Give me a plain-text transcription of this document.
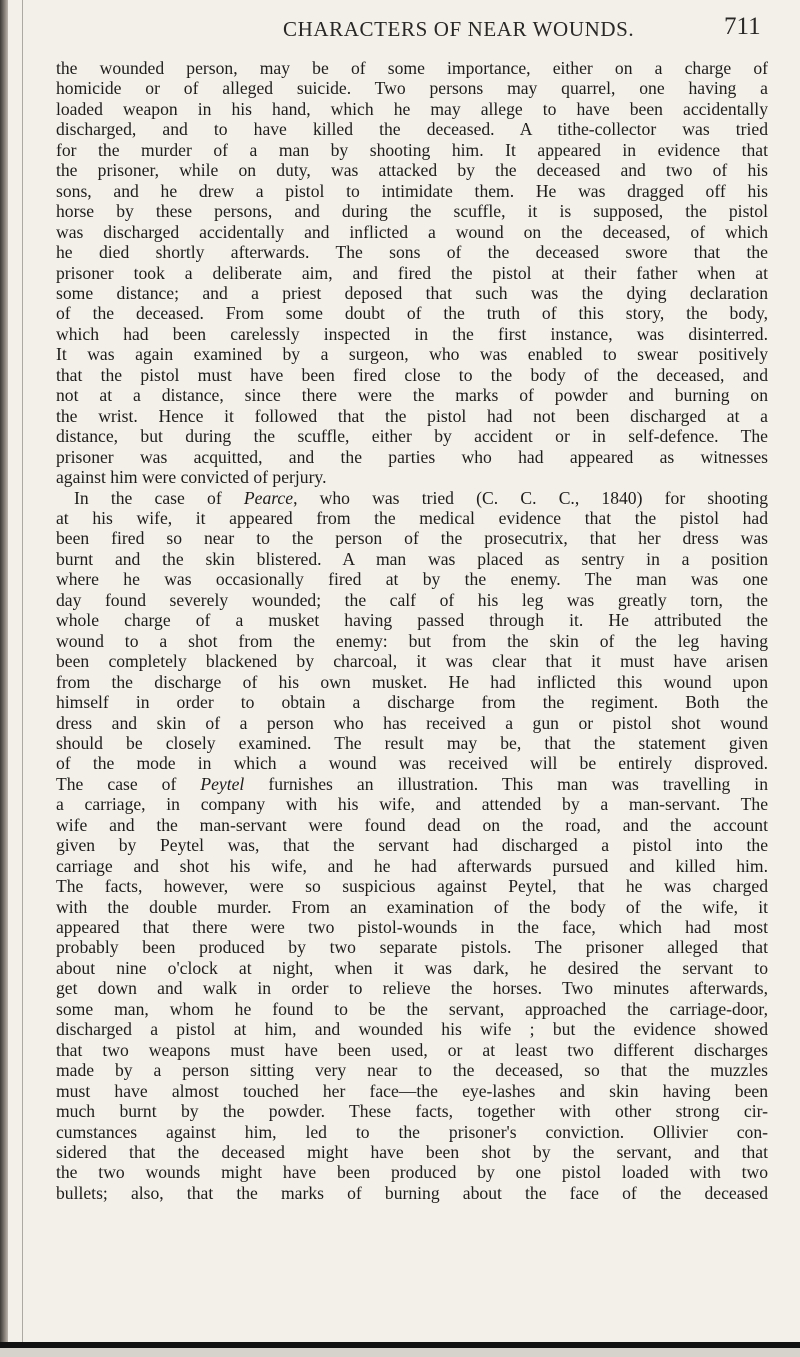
CHARACTERS OF NEAR WOUNDS.	711
the wounded person, may be of some importance, either on a charge of
homicide or of alleged suicide. Two persons may quarrel, one having a
loaded weapon in his hand, which he may allege to have been accidentally
discharged, and to have killed the deceased. A tithe-collector was tried
for the murder of a man by shooting him. It appeared in evidence that
the prisoner, while on duty, was attacked by the deceased and two of his
sons, and he drew a pistol to intimidate them. He was dragged off his
horse by these persons, and during the scuffle, it is supposed, the pistol
was discharged accidentally and inflicted a wound on the deceased, of which
he died shortly afterwards. The sons of the deceased swore that the
prisoner took a deliberate aim, and fired the pistol at their father when at
some distance; and a priest deposed that such was the dying declaration
of the deceased. From some doubt of the truth of this story, the body,
which had been carelessly inspected in the first instance, was disinterred.
It was again examined by a surgeon, who was enabled to swear positively
that the pistol must have been fired close to the body of the deceased, and
not at a distance, since there were the marks of powder and burning on
the wrist. Hence it followed that the pistol had not been discharged at a
distance, but during the scuffle, either by accident or in self-defence. The
prisoner was acquitted, and the parties who had appeared as witnesses
against him were convicted of perjury.
In the case of Pearce, who was tried (C. C. C., 1840) for shooting
at his wife, it appeared from the medical evidence that the pistol had
been fired so near to the person of the prosecutrix, that her dress was
burnt and the skin blistered. A man was placed as sentry in a position
where he was occasionally fired at by the enemy. The man was one
day found severely wounded; the calf of his leg was greatly torn, the
whole charge of a musket having passed through it. He attributed the
wound to a shot from the enemy: but from the skin of the leg having
been completely blackened by charcoal, it was clear that it must have arisen
from the discharge of his own musket. He had inflicted this wound upon
himself in order to obtain a discharge from the regiment. Both the
dress and skin of a person who has received a gun or pistol shot wound
should be closely examined. The result may be, that the statement given
of the mode in which a wound was received will be entirely disproved.
The case of Peytel furnishes an illustration. This man was travelling in
a carriage, in company with his wife, and attended by a man-servant. The
wife and the man-servant were found dead on the road, and the account
given by Peytel was, that the servant had discharged a pistol into the
carriage and shot his wife, and he had afterwards pursued and killed him.
The facts, however, were so suspicious against Peytel, that he was charged
with the double murder. From an examination of the body of the wife, it
appeared that there were two pistol-wounds in the face, which had most
probably been produced by two separate pistols. The prisoner alleged that
about nine o'clock at night, when it was dark, he desired the servant to
get down and walk in order to relieve the horses. Two minutes afterwards,
some man, whom he found to be the servant, approached the carriage-door,
discharged a pistol at him, and wounded his wife ; but the evidence showed
that two weapons must have been used, or at least two different discharges
made by a person sitting very near to the deceased, so that the muzzles
must have almost touched her face—the eye-lashes and skin having been
much burnt by the powder. These facts, together with other strong cir-
cumstances against him, led to the prisoner's conviction. Ollivier con-
sidered that the deceased might have been shot by the servant, and that
the two wounds might have been produced by one pistol loaded with two
bullets; also, that the marks of burning about the face of the deceased
